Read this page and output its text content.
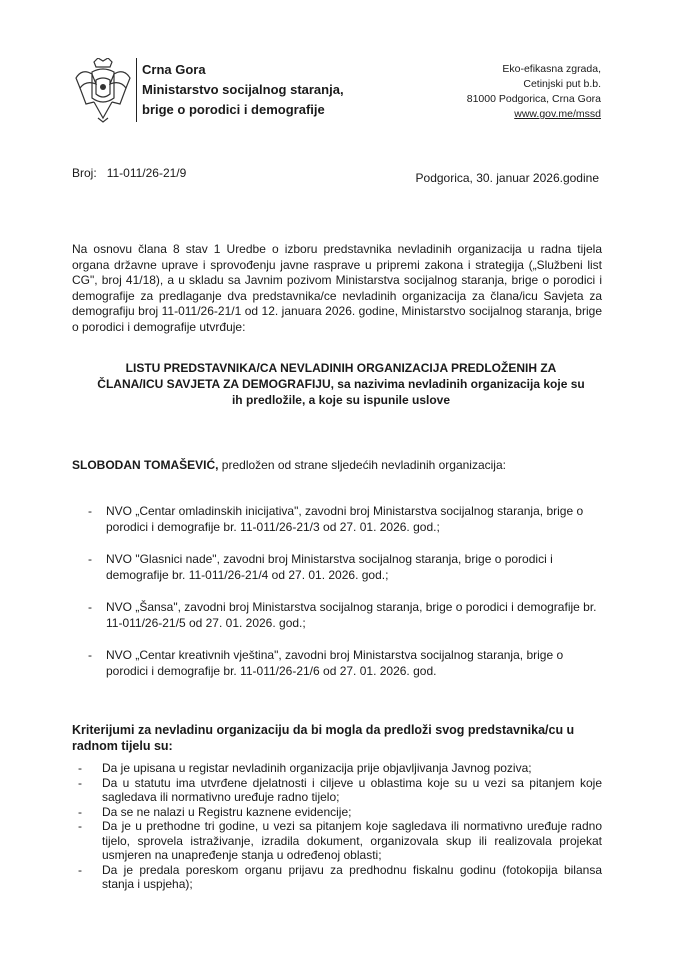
Crna Gora
Ministarstvo socijalnog staranja,
brige o porodici i demografije
Eko-efikasna zgrada,
Cetinjski put b.b.
81000 Podgorica, Crna Gora
www.gov.me/mssd
Broj: 11-011/26-21/9	Podgorica, 30. januar 2026.godine
Na osnovu člana 8 stav 1 Uredbe o izboru predstavnika nevladinih organizacija u radna tijela organa državne uprave i sprovođenju javne rasprave u pripremi zakona i strategija („Službeni list CG", broj 41/18), a u skladu sa Javnim pozivom Ministarstva socijalnog staranja, brige o porodici i demografije za predlaganje dva predstavnika/ce nevladinih organizacija za člana/icu Savjeta za demografiju broj 11-011/26-21/1 od 12. januara 2026. godine, Ministarstvo socijalnog staranja, brige o porodici i demografije utvrđuje:
LISTU PREDSTAVNIKA/CA NEVLADINIH ORGANIZACIJA PREDLOŽENIH ZA
ČLANA/ICU SAVJETA ZA DEMOGRAFIJU, sa nazivima nevladinih organizacija koje su
ih predložile, a koje su ispunile uslove
SLOBODAN TOMAŠEVIĆ, predložen od strane sljedećih nevladinih organizacija:
- NVO „Centar omladinskih inicijativa", zavodni broj Ministarstva socijalnog staranja, brige o porodici i demografije br. 11-011/26-21/3 od 27. 01. 2026. god.;
- NVO "Glasnici nade", zavodni broj Ministarstva socijalnog staranja, brige o porodici i demografije br. 11-011/26-21/4 od 27. 01. 2026. god.;
- NVO „Šansa", zavodni broj Ministarstva socijalnog staranja, brige o porodici i demografije br. 11-011/26-21/5 od 27. 01. 2026. god.;
- NVO „Centar kreativnih vještina", zavodni broj Ministarstva socijalnog staranja, brige o porodici i demografije br. 11-011/26-21/6 od 27. 01. 2026. god.
Kriterijumi za nevladinu organizaciju da bi mogla da predloži svog predstavnika/cu u radnom tijelu su:
- Da je upisana u registar nevladinih organizacija prije objavljivanja Javnog poziva;
- Da u statutu ima utvrđene djelatnosti i ciljeve u oblastima koje su u vezi sa pitanjem koje sagledava ili normativno uređuje radno tijelo;
- Da se ne nalazi u Registru kaznene evidencije;
- Da je u prethodne tri godine, u vezi sa pitanjem koje sagledava ili normativno uređuje radno tijelo, sprovela istraživanje, izradila dokument, organizovala skup ili realizovala projekat usmjeren na unapređenje stanja u određenoj oblasti;
- Da je predala poreskom organu prijavu za predhodnu fiskalnu godinu (fotokopija bilansa stanja i uspjeha);
